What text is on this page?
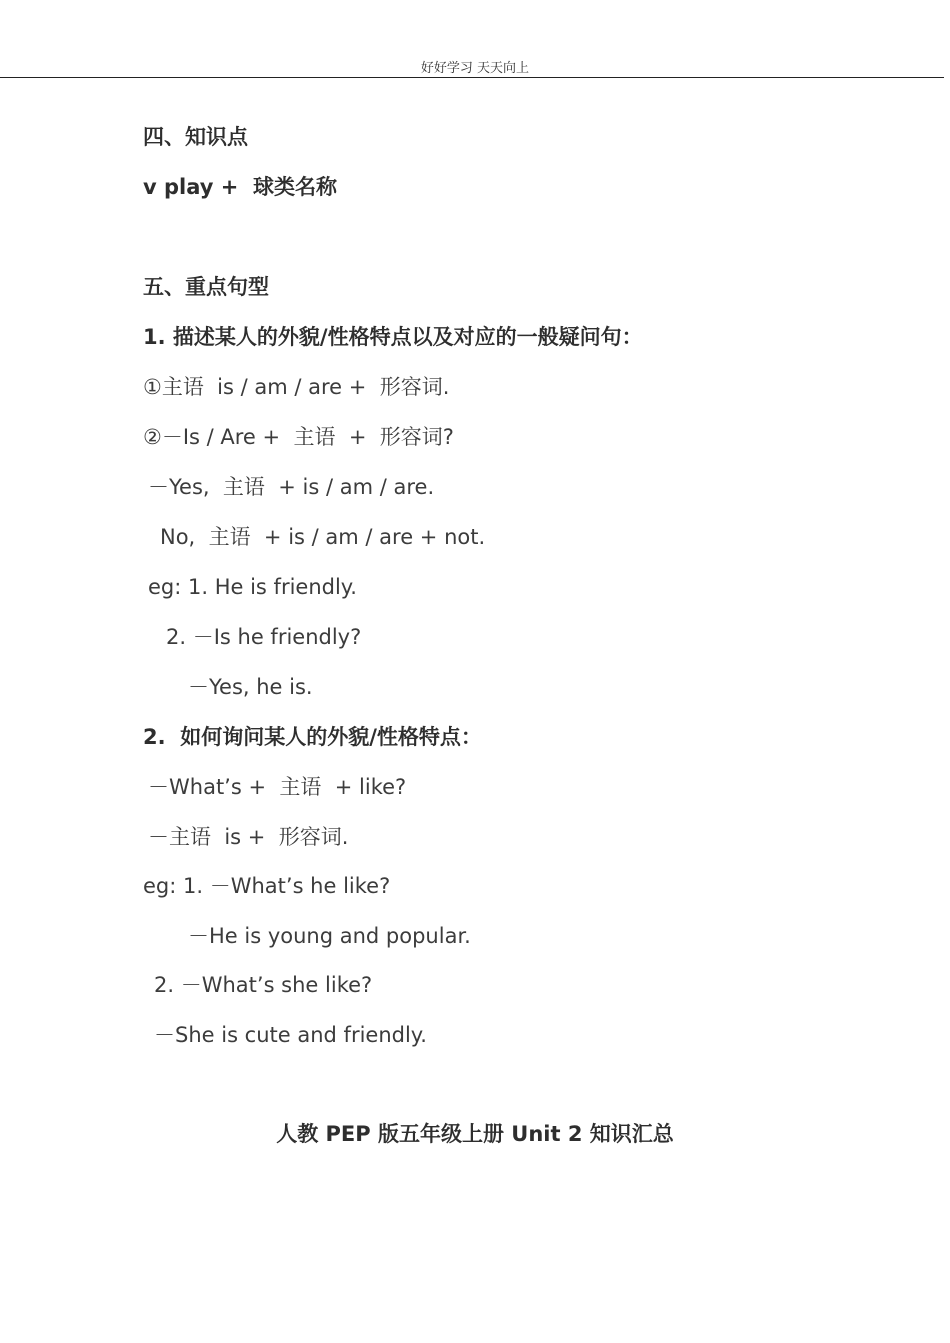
好好学习 天天向上
四、知识点
v play +  球类名称
五、重点句型
1. 描述某人的外貌/性格特点以及对应的一般疑问句：
①主语  is / am / are +  形容词.
②－Is / Are +  主语  +  形容词?
－Yes,  主语  + is / am / are.
No,  主语  + is / am / are + not.
eg: 1. He is friendly.
2. －Is he friendly?
－Yes, he is.
2.  如何询问某人的外貌/性格特点：
－What’s +  主语  + like?
－主语  is +  形容词.
eg: 1. －What’s he like?
－He is young and popular.
2. －What’s she like?
－She is cute and friendly.
人教 PEP 版五年级上册 Unit 2 知识汇总
